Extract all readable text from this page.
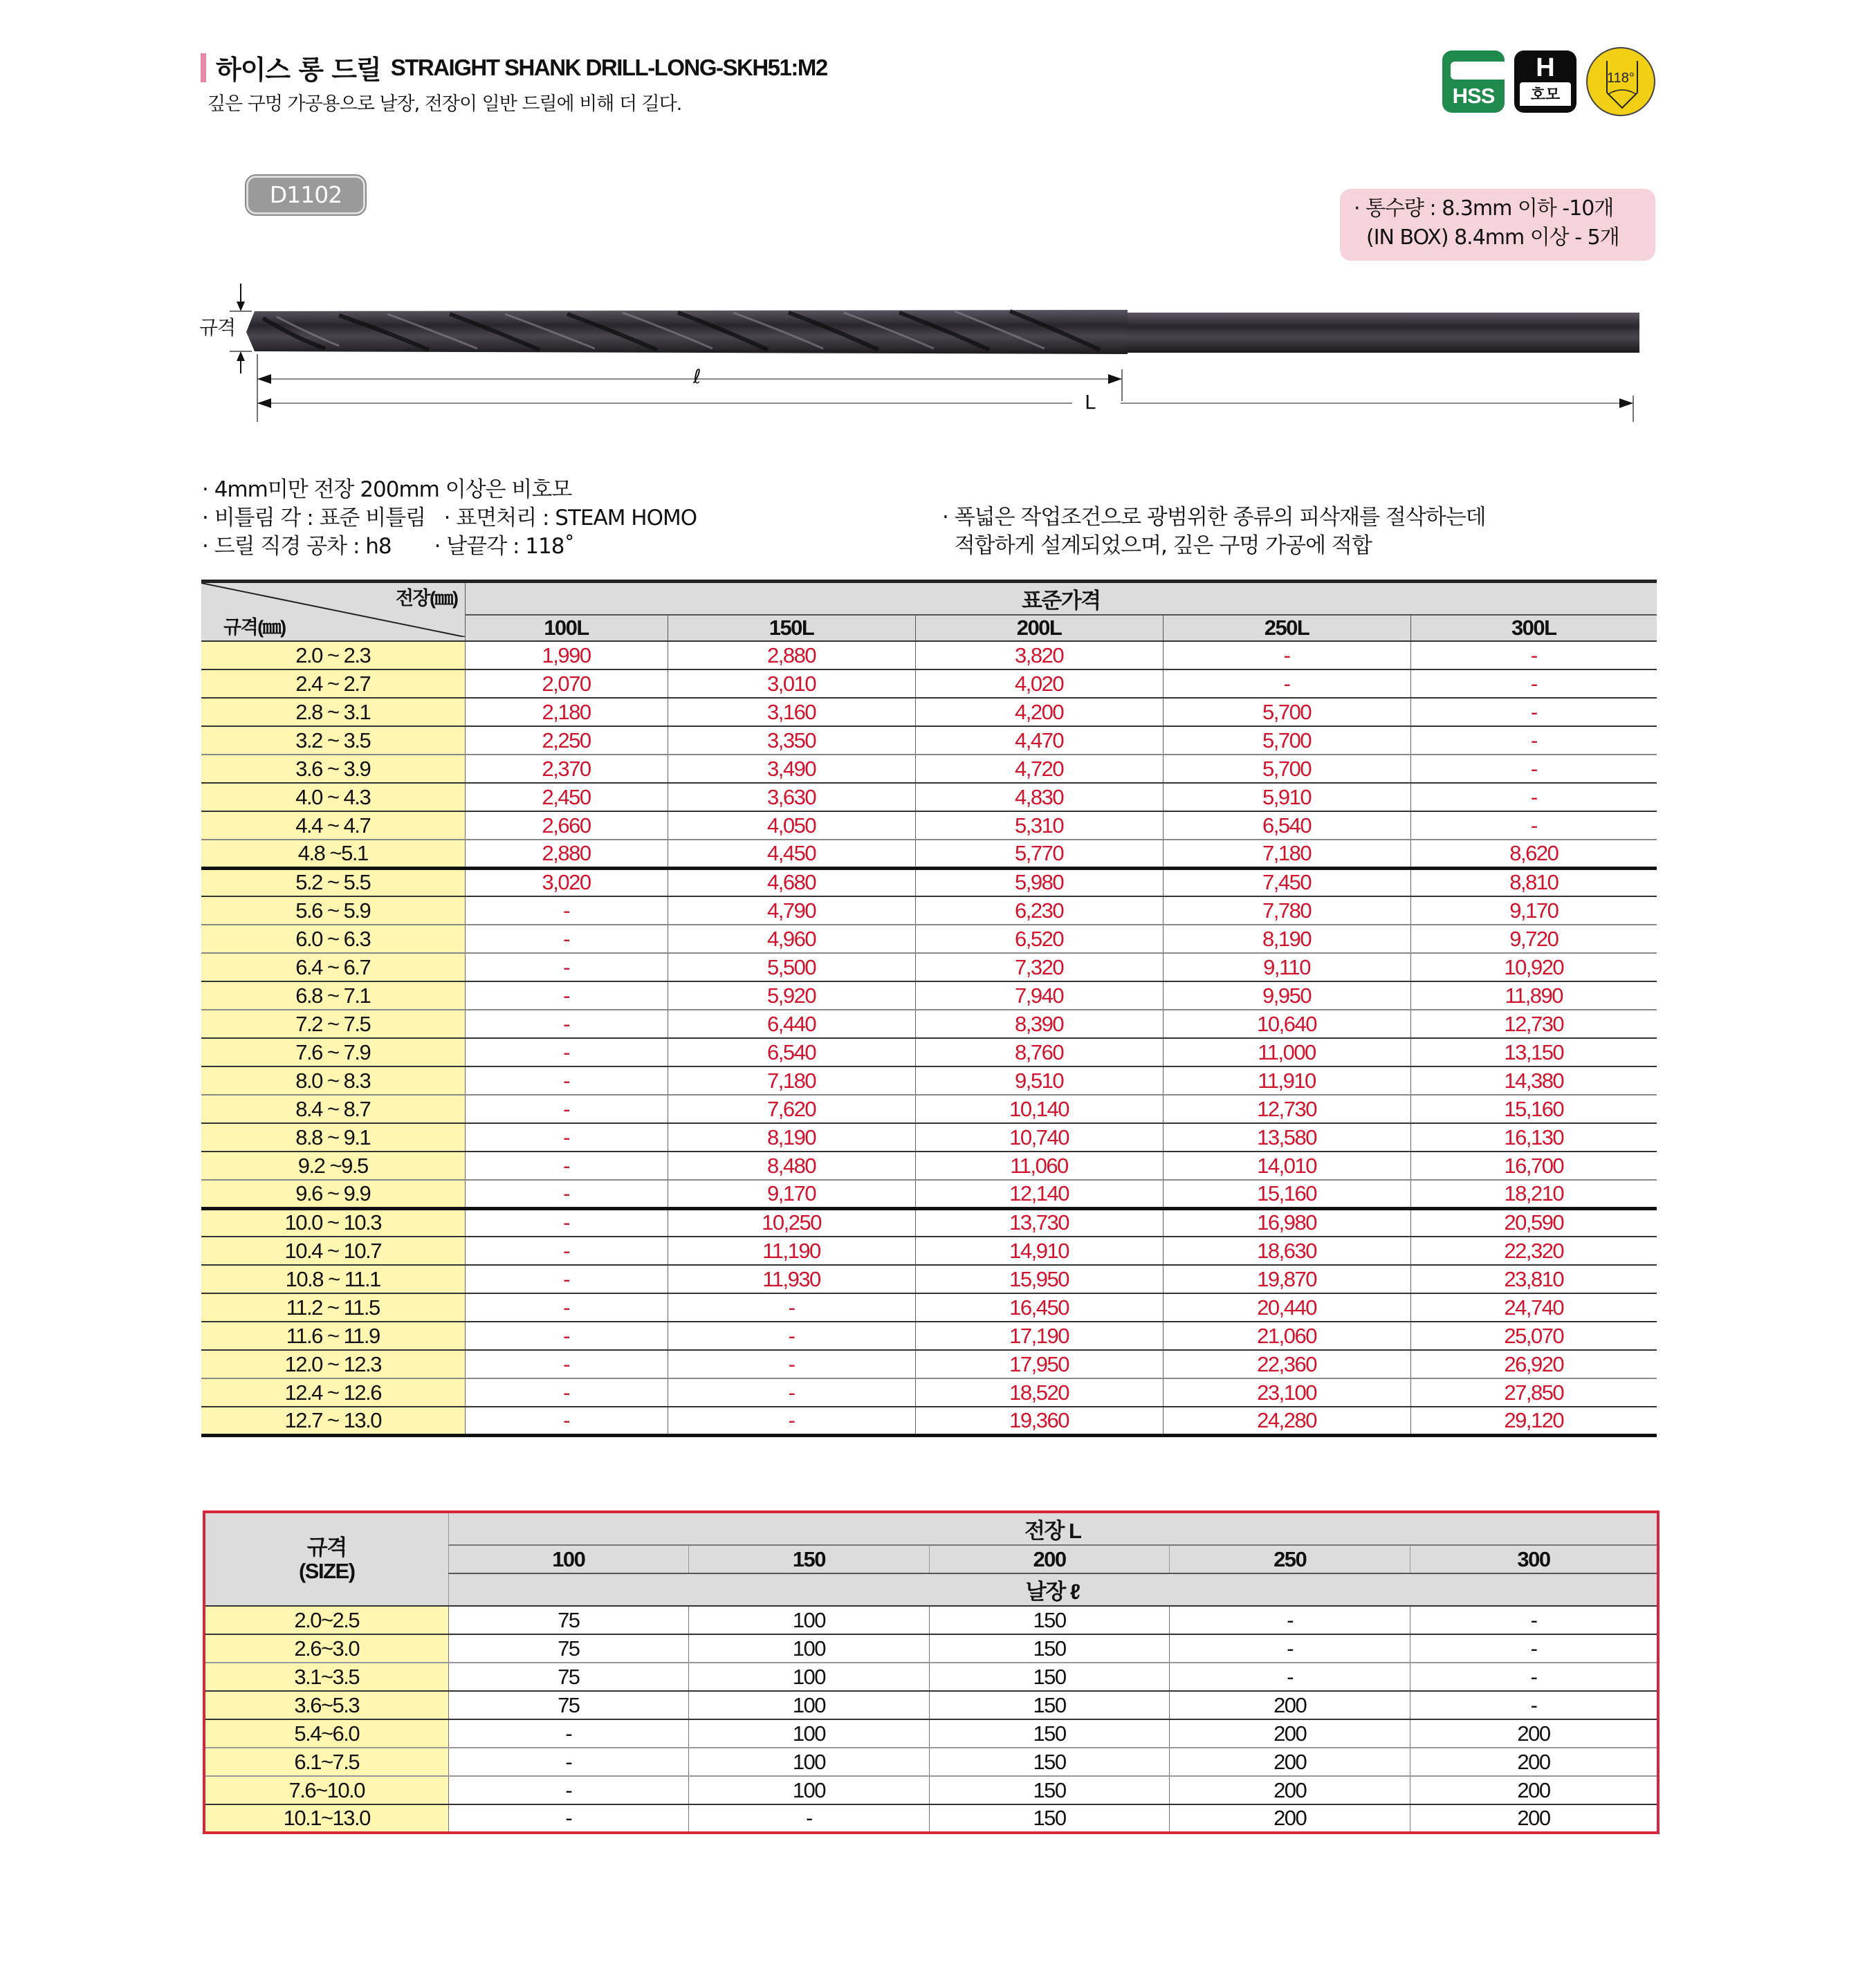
하이스 롱 드릴 STRAIGHT SHANK DRILL-LONG-SKH51:M2
깊은 구멍 가공용으로 날장, 전장이 일반 드릴에 비해 더 길다.	HSS
H
호모
118°
D1102
· 통수량 : 8.3mm 이하 -10개
(IN BOX) 8.4mm 이상 - 5개
규격
ℓ
L
· 4mm미만 전장 200mm 이상은 비호모
· 비틀림 각 : 표준 비틀림   · 표면처리 : STEAM HOMO
· 드릴 직경 공차 : h8       · 날끝각 : 118˚
· 폭넓은 작업조건으로 광범위한 종류의 피삭재를 절삭하는데
적합하게 설계되었으며, 깊은 구멍 가공에 적합
전장(㎜)
규격(㎜)	표준가격				
	100L	150L	200L	250L	300L
2.0 ~ 2.3	1,990	2,880	3,820	-	-
2.4 ~ 2.7	2,070	3,010	4,020	-	-
2.8 ~ 3.1	2,180	3,160	4,200	5,700	-
3.2 ~ 3.5	2,250	3,350	4,470	5,700	-
3.6 ~ 3.9	2,370	3,490	4,720	5,700	-
4.0 ~ 4.3	2,450	3,630	4,830	5,910	-
4.4 ~ 4.7	2,660	4,050	5,310	6,540	-
4.8 ~5.1	2,880	4,450	5,770	7,180	8,620
5.2 ~ 5.5	3,020	4,680	5,980	7,450	8,810
5.6 ~ 5.9	-	4,790	6,230	7,780	9,170
6.0 ~ 6.3	-	4,960	6,520	8,190	9,720
6.4 ~ 6.7	-	5,500	7,320	9,110	10,920
6.8 ~ 7.1	-	5,920	7,940	9,950	11,890
7.2 ~ 7.5	-	6,440	8,390	10,640	12,730
7.6 ~ 7.9	-	6,540	8,760	11,000	13,150
8.0 ~ 8.3	-	7,180	9,510	11,910	14,380
8.4 ~ 8.7	-	7,620	10,140	12,730	15,160
8.8 ~ 9.1	-	8,190	10,740	13,580	16,130
9.2 ~9.5	-	8,480	11,060	14,010	16,700
9.6 ~ 9.9	-	9,170	12,140	15,160	18,210
10.0 ~ 10.3	-	10,250	13,730	16,980	20,590
10.4 ~ 10.7	-	11,190	14,910	18,630	22,320
10.8 ~ 11.1	-	11,930	15,950	19,870	23,810
11.2 ~ 11.5	-	-	16,450	20,440	24,740
11.6 ~ 11.9	-	-	17,190	21,060	25,070
12.0 ~ 12.3	-	-	17,950	22,360	26,920
12.4 ~ 12.6	-	-	18,520	23,100	27,850
12.7 ~ 13.0	-	-	19,360	24,280	29,120
규격
(SIZE)	전장 L				
	100	150	200	250	300
	날장 ℓ				
2.0~2.5	75	100	150	-	-
2.6~3.0	75	100	150	-	-
3.1~3.5	75	100	150	-	-
3.6~5.3	75	100	150	200	-
5.4~6.0	-	100	150	200	200
6.1~7.5	-	100	150	200	200
7.6~10.0	-	100	150	200	200
10.1~13.0	-	-	150	200	200
